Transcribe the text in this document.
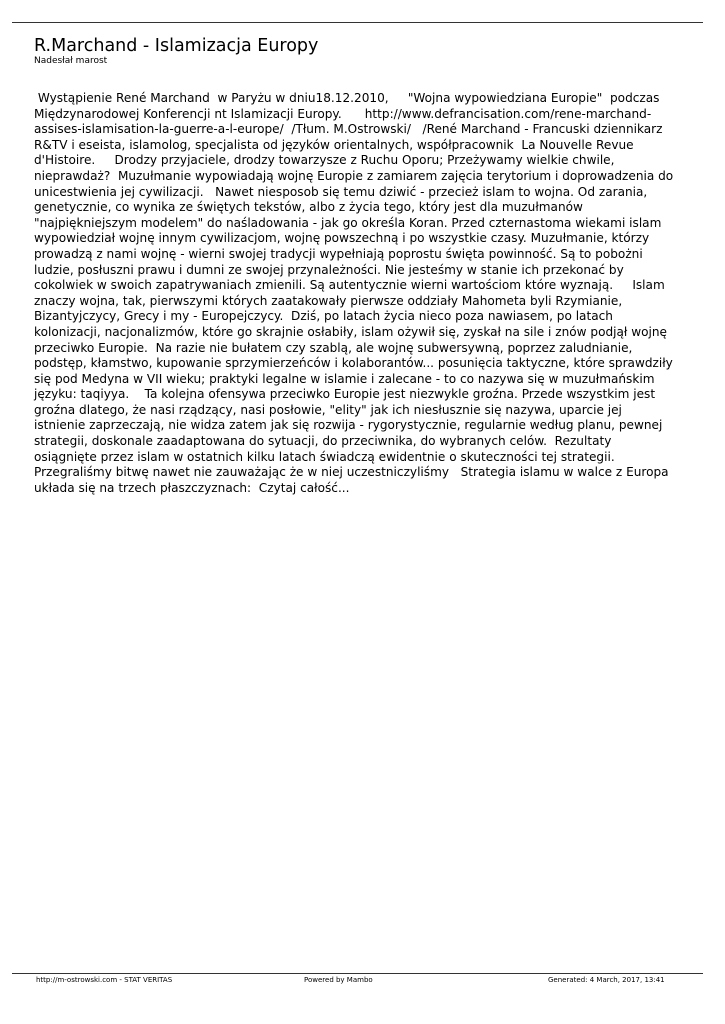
R.Marchand - Islamizacja Europy
Nadesłał marost
Wystąpienie René Marchand  w Paryżu w dniu18.12.2010,     "Wojna wypowiedziana Europie"  podczas
Międzynarodowej Konferencji nt Islamizacji Europy.      http://www.defrancisation.com/rene-marchand-
assises-islamisation-la-guerre-a-l-europe/  /Tłum. M.Ostrowski/   /René Marchand - Francuski dziennikarz
R&TV i eseista, islamolog, specjalista od języków orientalnych, współpracownik  La Nouvelle Revue
d'Histoire.     Drodzy przyjaciele, drodzy towarzysze z Ruchu Oporu; Przeżywamy wielkie chwile,
nieprawdaż?  Muzułmanie wypowiadają wojnę Europie z zamiarem zajęcia terytorium i doprowadzenia do
unicestwienia jej cywilizacji.   Nawet niesposob się temu dziwić - przecież islam to wojna. Od zarania,
genetycznie, co wynika ze świętych tekstów, albo z życia tego, który jest dla muzułmanów
"najpiękniejszym modelem" do naśladowania - jak go określa Koran. Przed czternastoma wiekami islam
wypowiedział wojnę innym cywilizacjom, wojnę powszechną i po wszystkie czasy. Muzułmanie, którzy
prowadzą z nami wojnę - wierni swojej tradycji wypełniają poprostu święta powinność. Są to pobożni
ludzie, posłuszni prawu i dumni ze swojej przynależności. Nie jesteśmy w stanie ich przekonać by
cokolwiek w swoich zapatrywaniach zmienili. Są autentycznie wierni wartościom które wyznają.     Islam
znaczy wojna, tak, pierwszymi których zaatakowały pierwsze oddziały Mahometa byli Rzymianie,
Bizantyjczycy, Grecy i my - Europejczycy.  Dziś, po latach życia nieco poza nawiasem, po latach
kolonizacji, nacjonalizmów, które go skrajnie osłabiły, islam ożywił się, zyskał na sile i znów podjął wojnę
przeciwko Europie.  Na razie nie bułatem czy szablą, ale wojnę subwersywną, poprzez zaludnianie,
podstęp, kłamstwo, kupowanie sprzymierzeńców i kolaborantów... posunięcia taktyczne, które sprawdziły
się pod Medyna w VII wieku; praktyki legalne w islamie i zalecane - to co nazywa się w muzułmańskim
języku: taqiyya.    Ta kolejna ofensywa przeciwko Europie jest niezwykle groźna. Przede wszystkim jest
groźna dlatego, że nasi rządzący, nasi posłowie, "elity" jak ich niesłusznie się nazywa, uparcie jej
istnienie zaprzeczają, nie widza zatem jak się rozwija - rygorystycznie, regularnie według planu, pewnej
strategii, doskonale zaadaptowana do sytuacji, do przeciwnika, do wybranych celów.  Rezultaty
osiągnięte przez islam w ostatnich kilku latach świadczą ewidentnie o skuteczności tej strategii.
Przegraliśmy bitwę nawet nie zauważając że w niej uczestniczyliśmy   Strategia islamu w walce z Europa
układa się na trzech płaszczyznach:  Czytaj całość...
http://m-ostrowski.com - STAT VERITAS	Powered by Mambo	Generated: 4 March, 2017, 13:41
